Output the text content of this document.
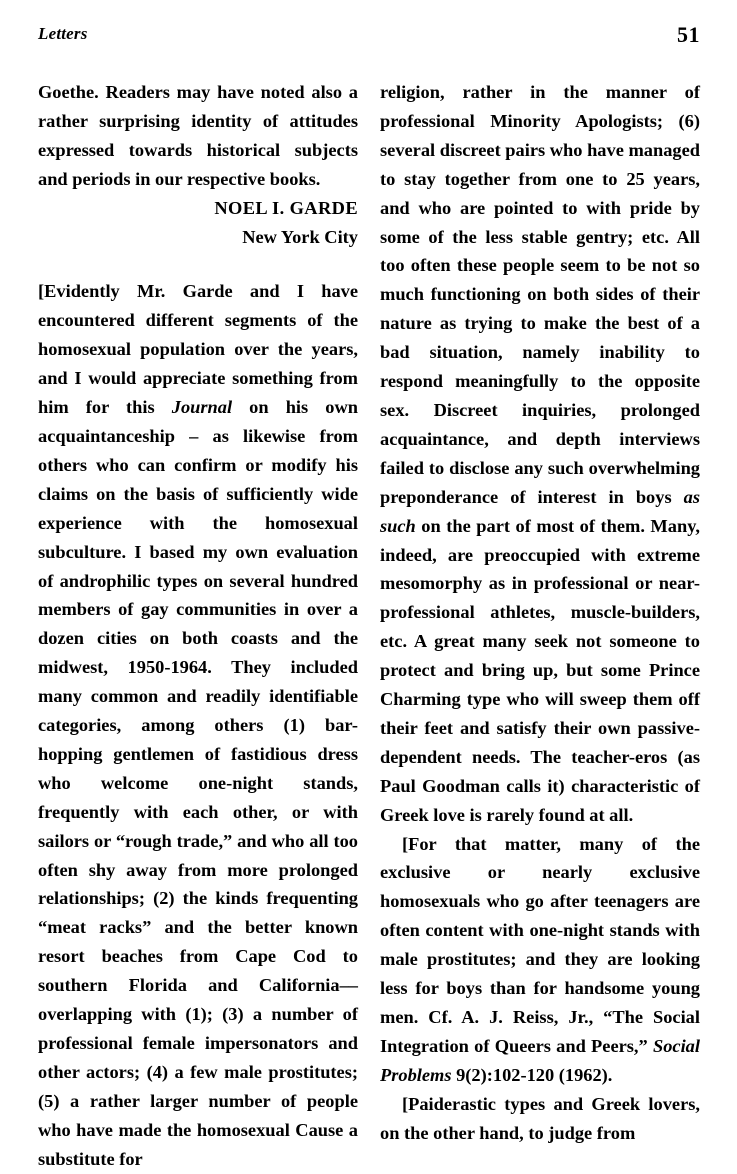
Letters	51

Goethe. Readers may have noted also a rather surprising identity of attitudes expressed towards historical subjects and periods in our respective books.

NOEL I. GARDE
New York City

[Evidently Mr. Garde and I have encountered different segments of the homosexual population over the years, and I would appreciate something from him for this Journal on his own acquaintanceship – as likewise from others who can confirm or modify his claims on the basis of sufficiently wide experience with the homosexual subculture. I based my own evaluation of androphilic types on several hundred members of gay communities in over a dozen cities on both coasts and the midwest, 1950-1964. They included many common and readily identifiable categories, among others (1) bar-hopping gentlemen of fastidious dress who welcome one-night stands, frequently with each other, or with sailors or “rough trade,” and who all too often shy away from more prolonged relationships; (2) the kinds frequenting “meat racks” and the better known resort beaches from Cape Cod to southern Florida and California––overlapping with (1); (3) a number of professional female impersonators and other actors; (4) a few male prostitutes; (5) a rather larger number of people who have made the homosexual Cause a substitute for

religion, rather in the manner of professional Minority Apologists; (6) several discreet pairs who have managed to stay together from one to 25 years, and who are pointed to with pride by some of the less stable gentry; etc. All too often these people seem to be not so much functioning on both sides of their nature as trying to make the best of a bad situation, namely inability to respond meaningfully to the opposite sex. Discreet inquiries, prolonged acquaintance, and depth interviews failed to disclose any such overwhelming preponderance of interest in boys as such on the part of most of them. Many, indeed, are preoccupied with extreme mesomorphy as in professional or near-professional athletes, muscle-builders, etc. A great many seek not someone to protect and bring up, but some Prince Charming type who will sweep them off their feet and satisfy their own passive-dependent needs. The teacher-eros (as Paul Goodman calls it) characteristic of Greek love is rarely found at all.

[For that matter, many of the exclusive or nearly exclusive homosexuals who go after teenagers are often content with one-night stands with male prostitutes; and they are looking less for boys than for handsome young men. Cf. A. J. Reiss, Jr., “The Social Integration of Queers and Peers,” Social Problems 9(2):102-120 (1962).

[Paiderastic types and Greek lovers, on the other hand, to judge from
